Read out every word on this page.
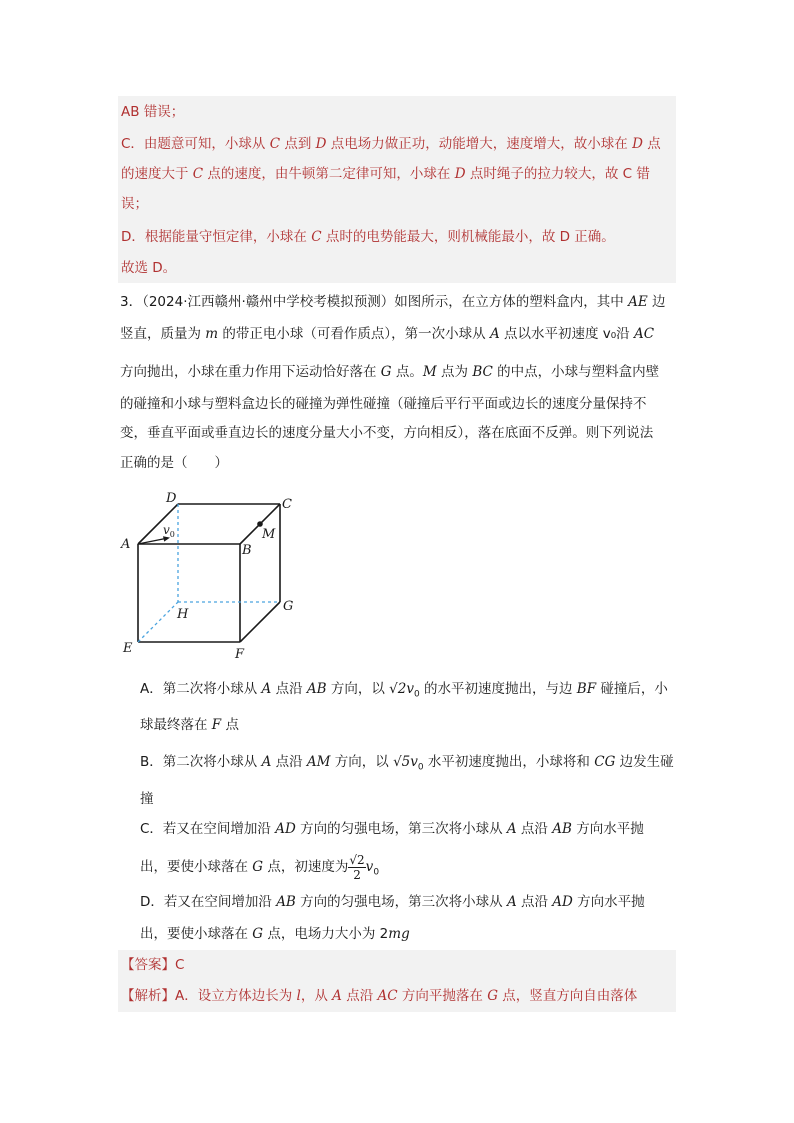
AB 错误；
C．由题意可知，小球从 C 点到 D 点电场力做正功，动能增大，速度增大，故小球在 D 点
的速度大于 C 点的速度，由牛顿第二定律可知，小球在 D 点时绳子的拉力较大，故 C 错
误；
D．根据能量守恒定律，小球在 C 点时的电势能最大，则机械能最小，故 D 正确。
故选 D。
3．（2024·江西赣州·赣州中学校考模拟预测）如图所示，在立方体的塑料盒内，其中 AE 边
竖直，质量为 m 的带正电小球（可看作质点），第一次小球从 A 点以水平初速度 v₀沿 AC
方向抛出，小球在重力作用下运动恰好落在 G 点。M 点为 BC 的中点，小球与塑料盒内壁
的碰撞和小球与塑料盒边长的碰撞为弹性碰撞（碰撞后平行平面或边长的速度分量保持不
变，垂直平面或垂直边长的速度分量大小不变，方向相反），落在底面不反弹。则下列说法
正确的是（　　）
A	B
C
D
E	F
G
H
M
$v_0$
A．第二次将小球从 A 点沿 AB 方向，以 $√2v_0$ 的水平初速度抛出，与边 BF 碰撞后，小
球最终落在 F 点
B．第二次将小球从 A 点沿 AM 方向，以 $√5v_0$ 水平初速度抛出，小球将和 CG 边发生碰
撞
C．若又在空间增加沿 AD 方向的匀强电场，第三次将小球从 A 点沿 AB 方向水平抛
出，要使小球落在 G 点，初速度为 $\frac{√2}{2} v_0$
D．若又在空间增加沿 AB 方向的匀强电场，第三次将小球从 A 点沿 AD 方向水平抛
出，要使小球落在 G 点，电场力大小为 2mg
【答案】C
【解析】A．设立方体边长为 l，从 A 点沿 AC 方向平抛落在 G 点，竖直方向自由落体
